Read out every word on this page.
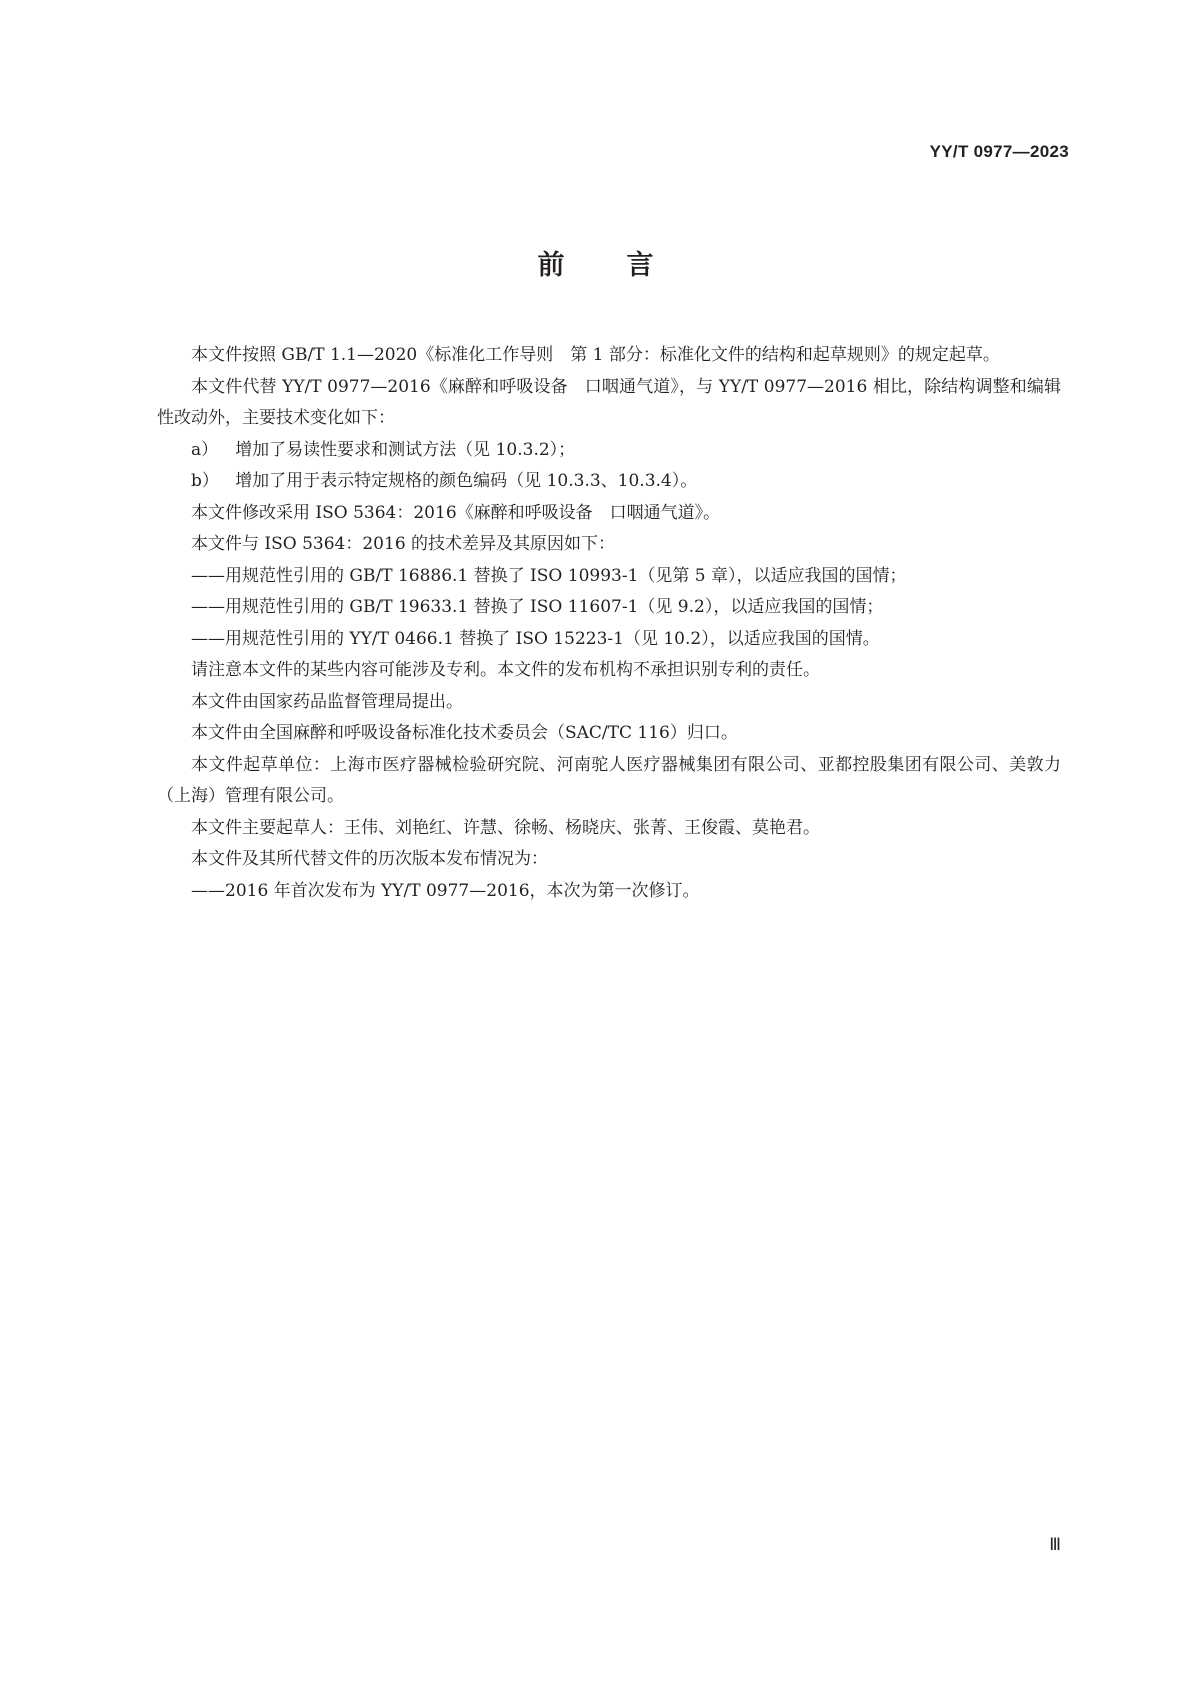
YY/T 0977—2023
前言

本文件按照 GB/T 1.1—2020《标准化工作导则　第 1 部分：标准化文件的结构和起草规则》的规定起草。

本文件代替 YY/T 0977—2016《麻醉和呼吸设备　口咽通气道》，与 YY/T 0977—2016 相比，除结构调整和编辑性改动外，主要技术变化如下：

a） 增加了易读性要求和测试方法（见 10.3.2）；

b） 增加了用于表示特定规格的颜色编码（见 10.3.3、10.3.4）。

本文件修改采用 ISO 5364：2016《麻醉和呼吸设备　口咽通气道》。

本文件与 ISO 5364：2016 的技术差异及其原因如下：

——用规范性引用的 GB/T 16886.1 替换了 ISO 10993-1（见第 5 章），以适应我国的国情；

——用规范性引用的 GB/T 19633.1 替换了 ISO 11607-1（见 9.2），以适应我国的国情；

——用规范性引用的 YY/T 0466.1 替换了 ISO 15223-1（见 10.2），以适应我国的国情。

请注意本文件的某些内容可能涉及专利。本文件的发布机构不承担识别专利的责任。

本文件由国家药品监督管理局提出。

本文件由全国麻醉和呼吸设备标准化技术委员会（SAC/TC 116）归口。

本文件起草单位：上海市医疗器械检验研究院、河南驼人医疗器械集团有限公司、亚都控股集团有限公司、美敦力（上海）管理有限公司。

本文件主要起草人：王伟、刘艳红、许慧、徐畅、杨晓庆、张菁、王俊霞、莫艳君。

本文件及其所代替文件的历次版本发布情况为：

——2016 年首次发布为 YY/T 0977—2016，本次为第一次修订。

Ⅲ
